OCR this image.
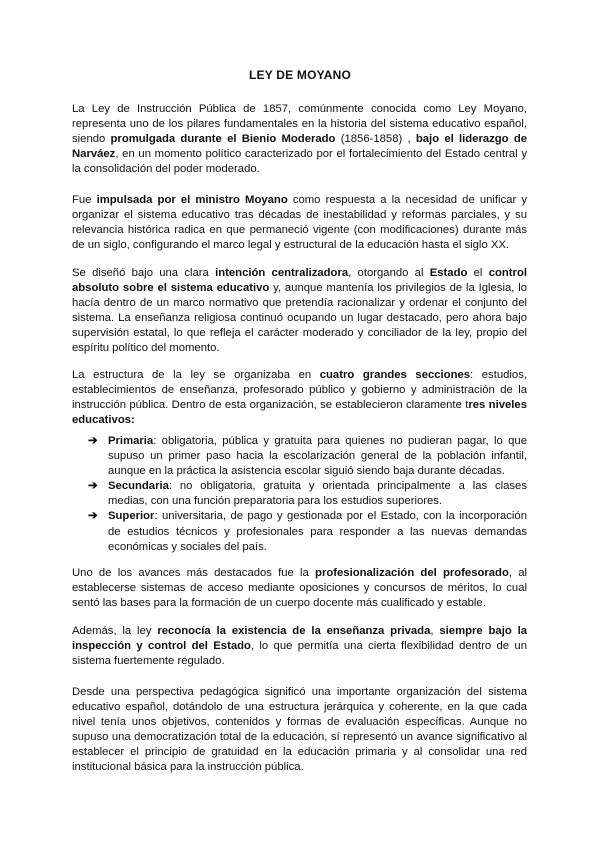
LEY DE MOYANO

La Ley de Instrucción Pública de 1857, comúnmente conocida como Ley Moyano, representa uno de los pilares fundamentales en la historia del sistema educativo español, siendo promulgada durante el Bienio Moderado (1856-1858) , bajo el liderazgo de Narváez, en un momento político caracterizado por el fortalecimiento del Estado central y la consolidación del poder moderado.

Fue impulsada por el ministro Moyano como respuesta a la necesidad de unificar y organizar el sistema educativo tras décadas de inestabilidad y reformas parciales, y su relevancia histórica radica en que permaneció vigente (con modificaciones) durante más de un siglo, configurando el marco legal y estructural de la educación hasta el siglo XX.

Se diseñó bajo una clara intención centralizadora, otorgando al Estado el control absoluto sobre el sistema educativo y, aunque mantenía los privilegios de la Iglesia, lo hacía dentro de un marco normativo que pretendía racionalizar y ordenar el conjunto del sistema. La enseñanza religiosa continuó ocupando un lugar destacado, pero ahora bajo supervisión estatal, lo que refleja el carácter moderado y conciliador de la ley, propio del espíritu político del momento.

La estructura de la ley se organizaba en cuatro grandes secciones: estudios, establecimientos de enseñanza, profesorado público y gobierno y administración de la instrucción pública. Dentro de esta organización, se establecieron claramente tres niveles educativos:

➔ Primaria: obligatoria, pública y gratuita para quienes no pudieran pagar, lo que supuso un primer paso hacia la escolarización general de la población infantil, aunque en la práctica la asistencia escolar siguió siendo baja durante décadas.
➔ Secundaria: no obligatoria, gratuita y orientada principalmente a las clases medias, con una función preparatoria para los estudios superiores.
➔ Superior: universitaria, de pago y gestionada por el Estado, con la incorporación de estudios técnicos y profesionales para responder a las nuevas demandas económicas y sociales del país.

Uno de los avances más destacados fue la profesionalización del profesorado, al establecerse sistemas de acceso mediante oposiciones y concursos de méritos, lo cual sentó las bases para la formación de un cuerpo docente más cualificado y estable.

Además, la ley reconocía la existencia de la enseñanza privada, siempre bajo la inspección y control del Estado, lo que permitía una cierta flexibilidad dentro de un sistema fuertemente regulado.

Desde una perspectiva pedagógica significó una importante organización del sistema educativo español, dotándolo de una estructura jerárquica y coherente, en la que cada nivel tenía unos objetivos, contenidos y formas de evaluación específicas. Aunque no supuso una democratización total de la educación, sí representó un avance significativo al establecer el principio de gratuidad en la educación primaria y al consolidar una red institucional básica para la instrucción pública.
